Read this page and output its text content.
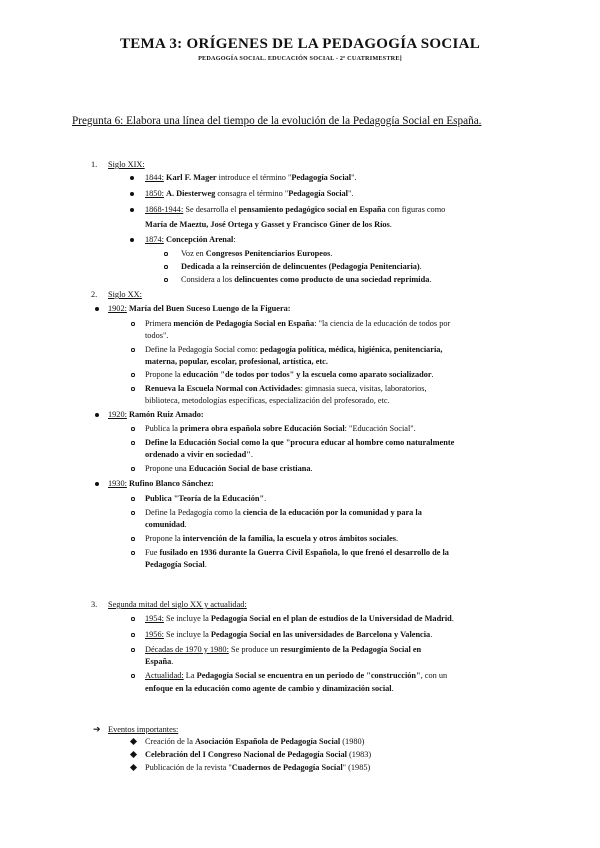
TEMA 3: ORÍGENES DE LA PEDAGOGÍA SOCIAL
PEDAGOGÍA SOCIAL. EDUCACIÓN SOCIAL - 2º CUATRIMESTRE]
Pregunta 6: Elabora una línea del tiempo de la evolución de la Pedagogía Social en España.
1. Siglo XIX:
1844: Karl F. Mager introduce el término "Pedagogía Social".
1850: A. Diesterweg consagra el término "Pedagogía Social".
1868-1944: Se desarrolla el pensamiento pedagógico social en España con figuras como
María de Maeztu, José Ortega y Gasset y Francisco Giner de los Ríos.
1874: Concepción Arenal:
Voz en Congresos Penitenciarios Europeos.
Dedicada a la reinserción de delincuentes (Pedagogía Penitenciaria).
Considera a los delincuentes como producto de una sociedad reprimida.
2. Siglo XX:
1902: María del Buen Suceso Luengo de la Figuera:
Primera mención de Pedagogía Social en España: "la ciencia de la educación de todos por
todos".
Define la Pedagogía Social como: pedagogía política, médica, higiénica, penitenciaria,
materna, popular, escolar, profesional, artística, etc.
Propone la educación "de todos por todos" y la escuela como aparato socializador.
Renueva la Escuela Normal con Actividades: gimnasia sueca, visitas, laboratorios,
biblioteca, metodologías específicas, especialización del profesorado, etc.
1920: Ramón Ruiz Amado:
Publica la primera obra española sobre Educación Social: "Educación Social".
Define la Educación Social como la que "procura educar al hombre como naturalmente
ordenado a vivir en sociedad".
Propone una Educación Social de base cristiana.
1930: Rufino Blanco Sánchez:
Publica "Teoría de la Educación".
Define la Pedagogía como la ciencia de la educación por la comunidad y para la
comunidad.
Propone la intervención de la familia, la escuela y otros ámbitos sociales.
Fue fusilado en 1936 durante la Guerra Civil Española, lo que frenó el desarrollo de la
Pedagogía Social.
3. Segunda mitad del siglo XX y actualidad:
1954: Se incluye la Pedagogía Social en el plan de estudios de la Universidad de Madrid.
1956: Se incluye la Pedagogía Social en las universidades de Barcelona y Valencia.
Décadas de 1970 y 1980: Se produce un resurgimiento de la Pedagogía Social en
España.
Actualidad: La Pedagogía Social se encuentra en un periodo de "construcción", con un
enfoque en la educación como agente de cambio y dinamización social.
➔ Eventos importantes:
Creación de la Asociación Española de Pedagogía Social (1980)
Celebración del I Congreso Nacional de Pedagogía Social (1983)
Publicación de la revista "Cuadernos de Pedagogía Social" (1985)
